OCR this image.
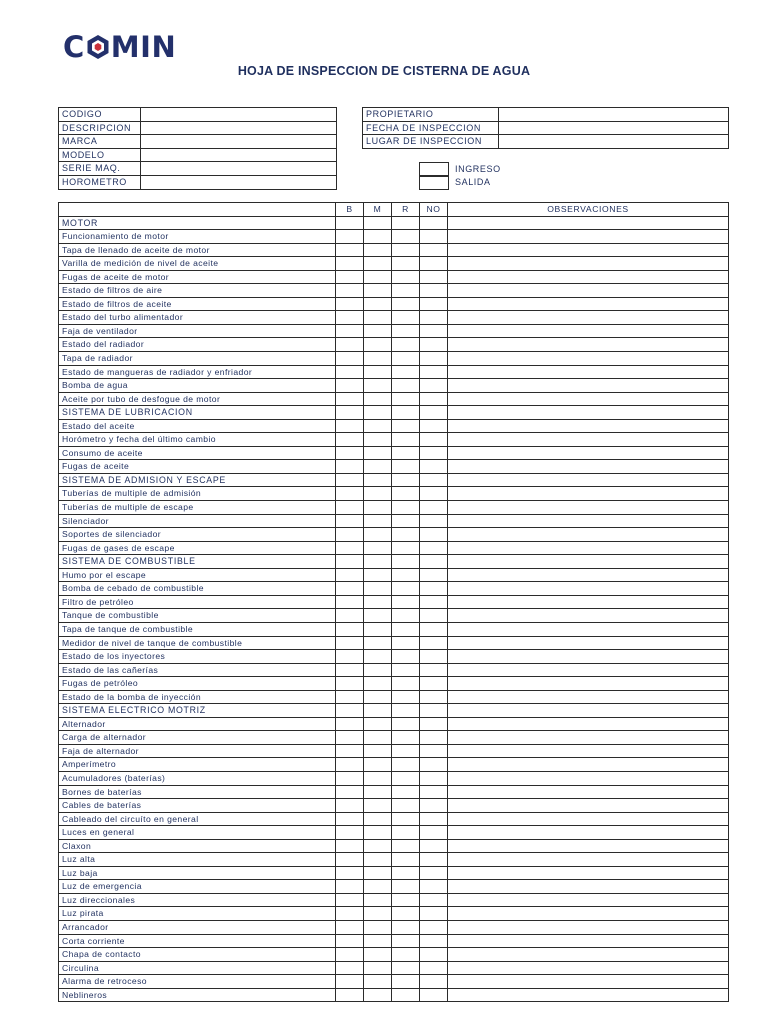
C MIN
HOJA DE INSPECCION DE CISTERNA DE AGUA
CODIGO	
DESCRIPCION	
MARCA	
MODELO	
SERIE MAQ.	
HOROMETRO	
PROPIETARIO	
FECHA DE INSPECCION	
LUGAR DE INSPECCION	
INGRESO
SALIDA
	B	M	R	NO	OBSERVACIONES
MOTOR					
Funcionamiento de motor					
Tapa de llenado de aceite de motor					
Varilla de medición de nivel de aceite					
Fugas de aceite de motor					
Estado de filtros de aire					
Estado de filtros de aceite					
Estado del turbo alimentador					
Faja de ventilador					
Estado del radiador					
Tapa de radiador					
Estado de mangueras de radiador y enfriador					
Bomba de agua					
Aceite por tubo de desfogue de motor					
SISTEMA DE LUBRICACION					
Estado del aceite					
Horómetro y fecha del último cambio					
Consumo de aceite					
Fugas de aceite					
SISTEMA DE ADMISION Y ESCAPE					
Tuberías de multiple de admisión					
Tuberías de multiple de escape					
Silenciador					
Soportes de silenciador					
Fugas de gases de escape					
SISTEMA DE COMBUSTIBLE					
Humo por el escape					
Bomba de cebado de combustible					
Filtro de petróleo					
Tanque de combustible					
Tapa de tanque de combustible					
Medidor de nivel de tanque de combustible					
Estado de los inyectores					
Estado de las cañerías					
Fugas de petróleo					
Estado de la bomba de inyección					
SISTEMA ELECTRICO MOTRIZ					
Alternador					
Carga de alternador					
Faja de alternador					
Amperímetro					
Acumuladores (baterías)					
Bornes de baterías					
Cables de baterías					
Cableado del circuíto en general					
Luces en general					
Claxon					
Luz alta					
Luz baja					
Luz de emergencia					
Luz direccionales					
Luz pirata					
Arrancador					
Corta corriente					
Chapa de contacto					
Circulina					
Alarma de retroceso					
Neblineros					
